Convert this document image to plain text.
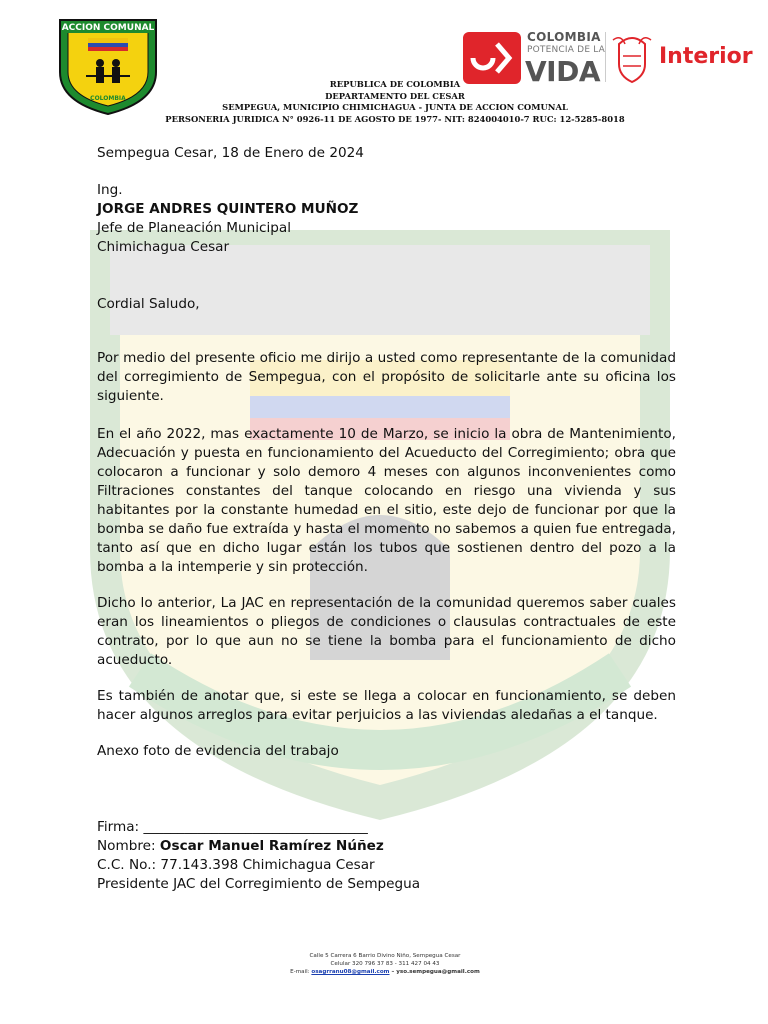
ACCION COMUNAL
COLOMBIA
COLOMBIA
POTENCIA DE LA
VIDA	Interior
REPUBLICA DE COLOMBIA
DEPARTAMENTO DEL CESAR
SEMPEGUA, MUNICIPIO CHIMICHAGUA - JUNTA DE ACCION COMUNAL
PERSONERIA JURIDICA N° 0926-11 DE AGOSTO DE 1977- NIT: 824004010-7 RUC: 12-5285-8018
Sempegua Cesar, 18 de Enero de 2024
Ing.
JORGE ANDRES QUINTERO MUÑOZ
Jefe de Planeación Municipal
Chimichagua Cesar
Cordial Saludo,
Por medio del presente oficio me dirijo a usted como representante de la comunidad del corregimiento de Sempegua, con el propósito de solicitarle ante su oficina los siguiente.
En el año 2022, mas exactamente 10 de Marzo, se inicio la obra de Mantenimiento, Adecuación y puesta en funcionamiento del Acueducto del Corregimiento; obra que colocaron a funcionar y solo demoro 4 meses con algunos inconvenientes como Filtraciones constantes del tanque colocando en riesgo una vivienda y sus habitantes por la constante humedad en el sitio, este dejo de funcionar por que la bomba se daño fue extraída y hasta el momento no sabemos a quien fue entregada, tanto así que en dicho lugar están los tubos que sostienen dentro del pozo a la bomba a la intemperie y sin protección.
Dicho lo anterior, La JAC en representación de la comunidad queremos saber cuales eran los lineamientos o pliegos de condiciones o clausulas contractuales de este contrato, por lo que aun no se tiene la bomba para el funcionamiento de dicho acueducto.
Es también de anotar que, si este se llega a colocar en funcionamiento, se deben hacer algunos arreglos para evitar perjuicios a las viviendas aledañas a el tanque.
Anexo foto de evidencia del trabajo
Firma: _________________________________
Nombre: Oscar Manuel Ramírez Núñez
C.C. No.: 77.143.398 Chimichagua Cesar
Presidente JAC del Corregimiento de Sempegua
Calle 5 Carrera 6 Barrio Divino Niño, Sempegua Cesar
Celular 320 796 37 83 - 311 427 04 43
E-mail: osagrranu08@gmail.com – yso.sempegua@gmail.com
